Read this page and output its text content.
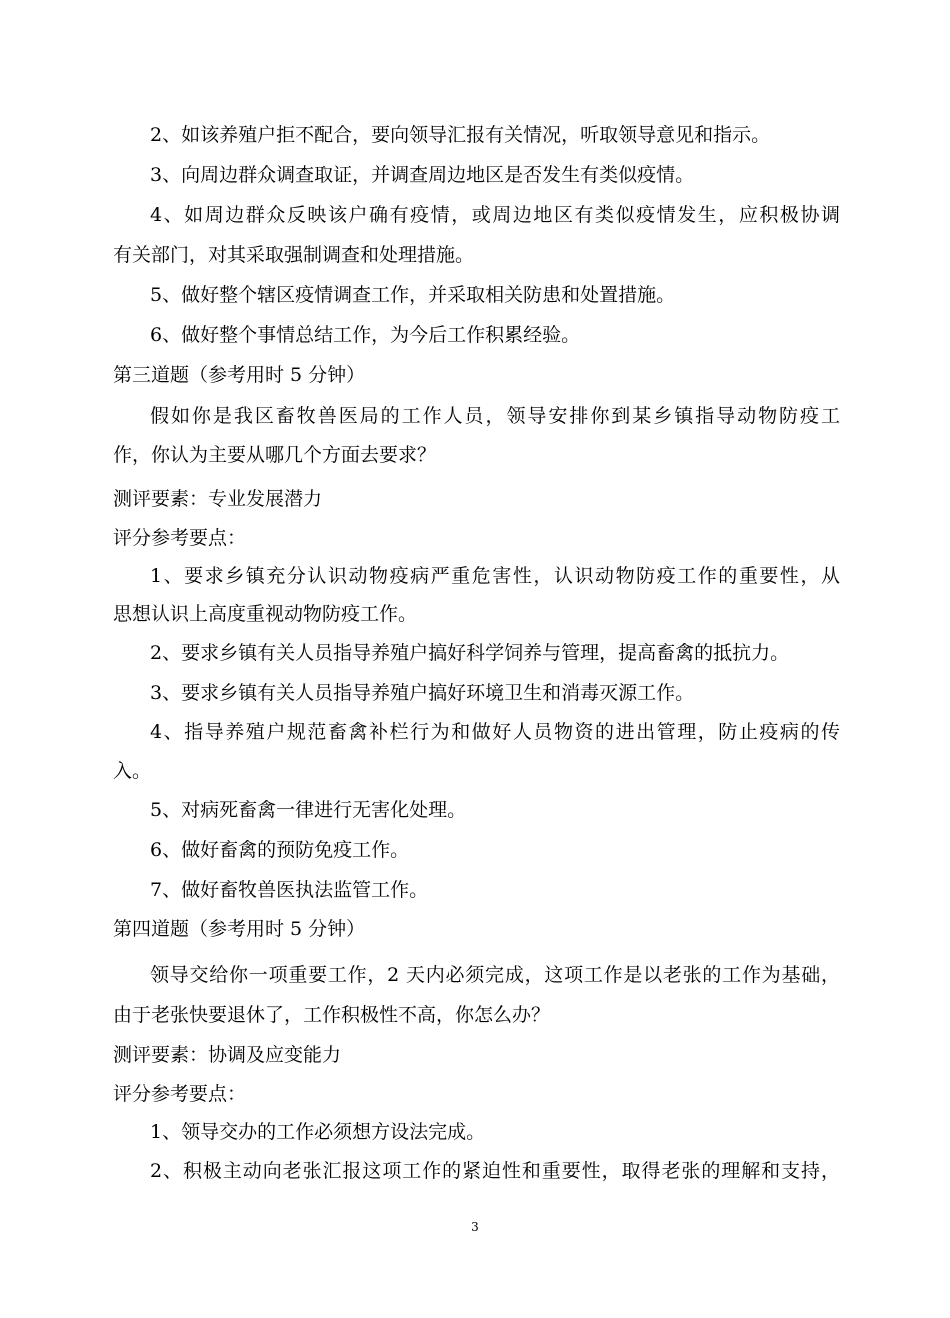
2、如该养殖户拒不配合，要向领导汇报有关情况，听取领导意见和指示。
3、向周边群众调查取证，并调查周边地区是否发生有类似疫情。
4、如周边群众反映该户确有疫情，或周边地区有类似疫情发生，应积极协调
有关部门，对其采取强制调查和处理措施。
5、做好整个辖区疫情调查工作，并采取相关防患和处置措施。
6、做好整个事情总结工作，为今后工作积累经验。
第三道题（参考用时 5 分钟）
假如你是我区畜牧兽医局的工作人员，领导安排你到某乡镇指导动物防疫工
作，你认为主要从哪几个方面去要求？
测评要素：专业发展潜力
评分参考要点：
1、要求乡镇充分认识动物疫病严重危害性，认识动物防疫工作的重要性，从
思想认识上高度重视动物防疫工作。
2、要求乡镇有关人员指导养殖户搞好科学饲养与管理，提高畜禽的抵抗力。
3、要求乡镇有关人员指导养殖户搞好环境卫生和消毒灭源工作。
4、指导养殖户规范畜禽补栏行为和做好人员物资的进出管理，防止疫病的传
入。
5、对病死畜禽一律进行无害化处理。
6、做好畜禽的预防免疫工作。
7、做好畜牧兽医执法监管工作。
第四道题（参考用时 5 分钟）
领导交给你一项重要工作，2 天内必须完成，这项工作是以老张的工作为基础，
由于老张快要退休了，工作积极性不高，你怎么办？
测评要素：协调及应变能力
评分参考要点：
1、领导交办的工作必须想方设法完成。
2、积极主动向老张汇报这项工作的紧迫性和重要性，取得老张的理解和支持，
3
